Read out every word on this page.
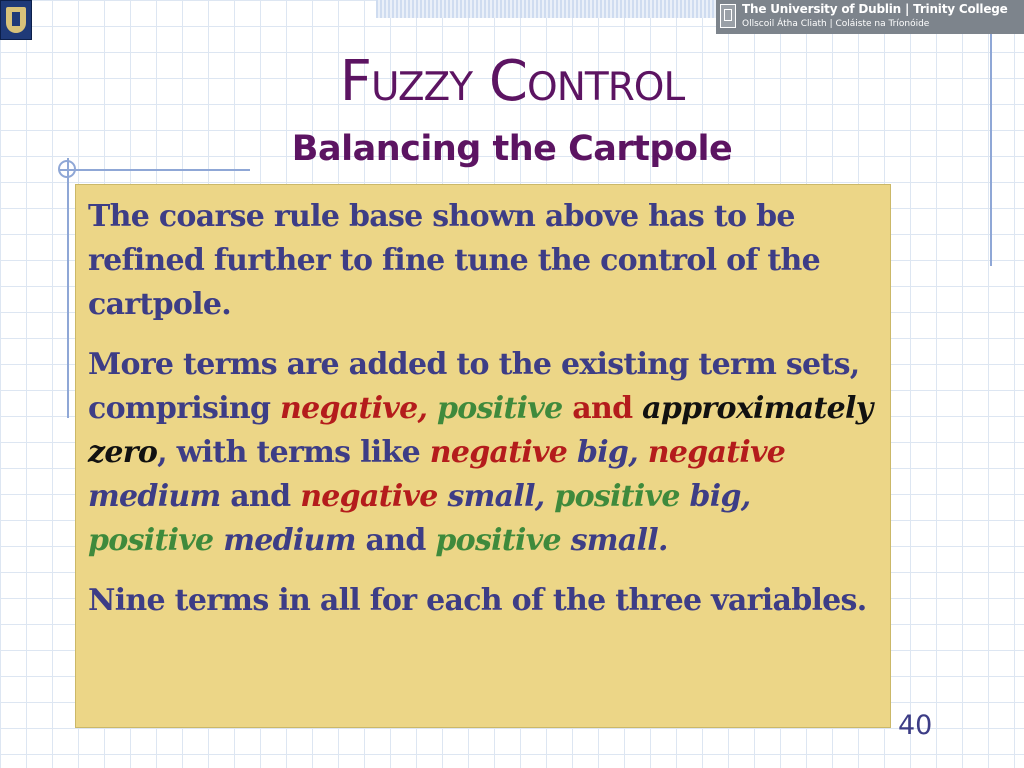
The University of Dublin | Trinity College
Ollscoil Átha Cliath | Coláiste na Tríonóide
Fuzzy Control
Balancing the Cartpole

The coarse rule base shown above has to be refined further to fine tune the control of the cartpole.

More terms are added to the existing term sets, comprising negative, positive and approximately zero, with terms like negative big, negative medium and negative small, positive big, positive medium and positive small.

Nine terms in all for each of the three variables.

40
